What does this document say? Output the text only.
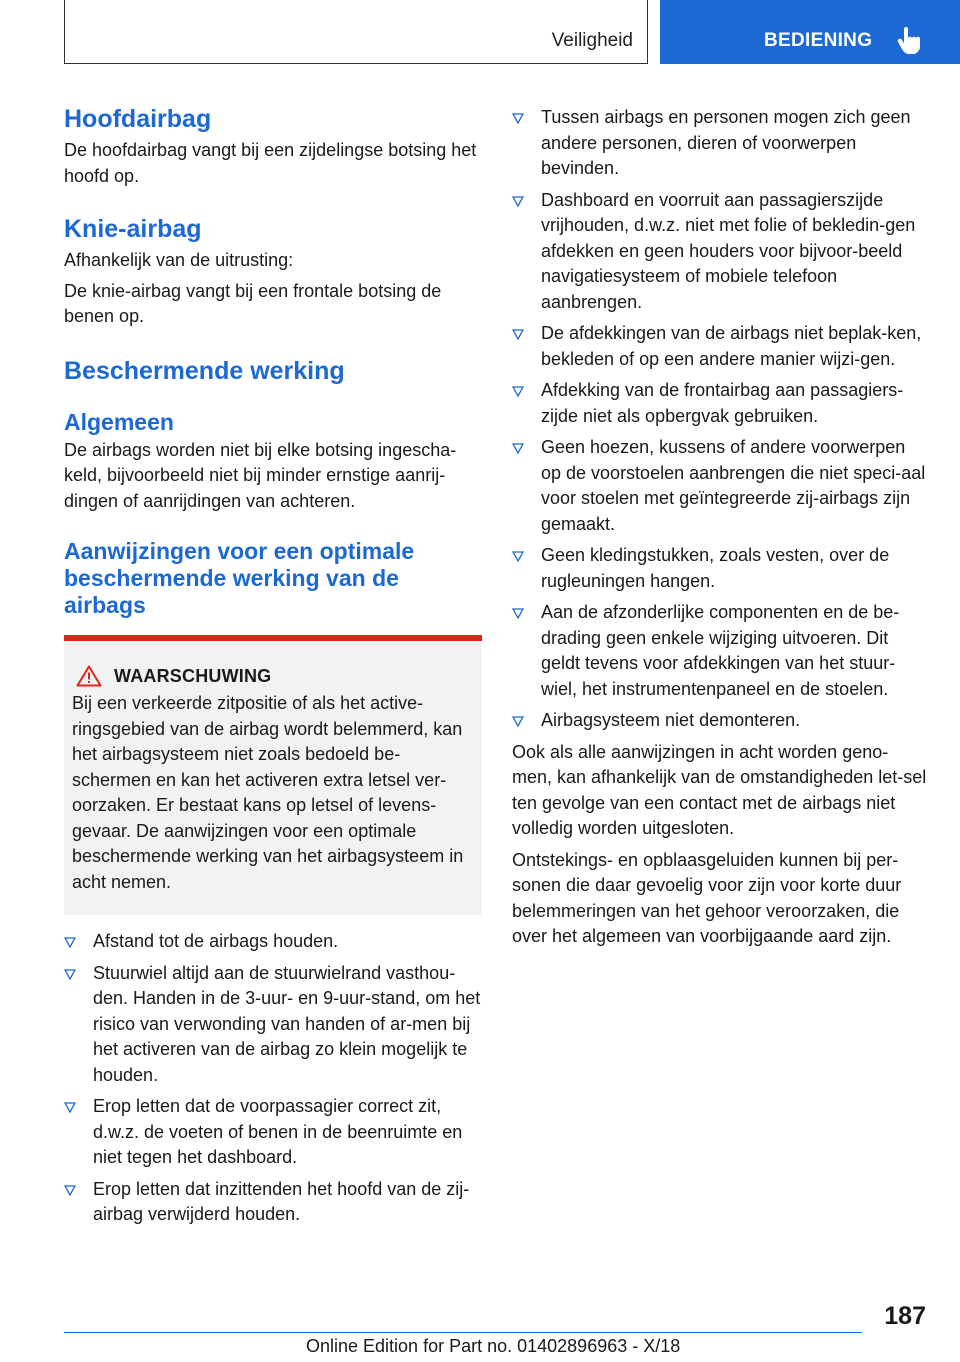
Veiligheid	BEDIENING
Hoofdairbag

De hoofdairbag vangt bij een zijdelingse botsing het hoofd op.

Knie-airbag

Afhankelijk van de uitrusting:

De knie-airbag vangt bij een frontale botsing de benen op.

Beschermende werking
Algemeen

De airbags worden niet bij elke botsing ingescha-keld, bijvoorbeeld niet bij minder ernstige aanrij-dingen of aanrijdingen van achteren.

Aanwijzingen voor een optimale beschermende werking van de airbags
WAARSCHUWING

Bij een verkeerde zitpositie of als het active-ringsgebied van de airbag wordt belemmerd, kan het airbagsysteem niet zoals bedoeld be-schermen en kan het activeren extra letsel ver-oorzaken. Er bestaat kans op letsel of levens-gevaar. De aanwijzingen voor een optimale beschermende werking van het airbagsysteem in acht nemen.

Afstand tot de airbags houden.
Stuurwiel altijd aan de stuurwielrand vasthou-den. Handen in de 3-uur- en 9-uur-stand, om het risico van verwonding van handen of ar-men bij het activeren van de airbag zo klein mogelijk te houden.
Erop letten dat de voorpassagier correct zit, d.w.z. de voeten of benen in de beenruimte en niet tegen het dashboard.
Erop letten dat inzittenden het hoofd van de zij-airbag verwijderd houden.
Tussen airbags en personen mogen zich geen andere personen, dieren of voorwerpen bevinden.
Dashboard en voorruit aan passagierszijde vrijhouden, d.w.z. niet met folie of bekledin-gen afdekken en geen houders voor bijvoor-beeld navigatiesysteem of mobiele telefoon aanbrengen.
De afdekkingen van de airbags niet beplak-ken, bekleden of op een andere manier wijzi-gen.
Afdekking van de frontairbag aan passagiers-zijde niet als opbergvak gebruiken.
Geen hoezen, kussens of andere voorwerpen op de voorstoelen aanbrengen die niet speci-aal voor stoelen met geïntegreerde zij-airbags zijn gemaakt.
Geen kledingstukken, zoals vesten, over de rugleuningen hangen.
Aan de afzonderlijke componenten en de be-drading geen enkele wijziging uitvoeren. Dit geldt tevens voor afdekkingen van het stuur-wiel, het instrumentenpaneel en de stoelen.
Airbagsysteem niet demonteren.

Ook als alle aanwijzingen in acht worden geno-men, kan afhankelijk van de omstandigheden let-sel ten gevolge van een contact met de airbags niet volledig worden uitgesloten.

Ontstekings- en opblaasgeluiden kunnen bij per-sonen die daar gevoelig voor zijn voor korte duur belemmeringen van het gehoor veroorzaken, die over het algemeen van voorbijgaande aard zijn.

187
Online Edition for Part no. 01402896963 - X/18
